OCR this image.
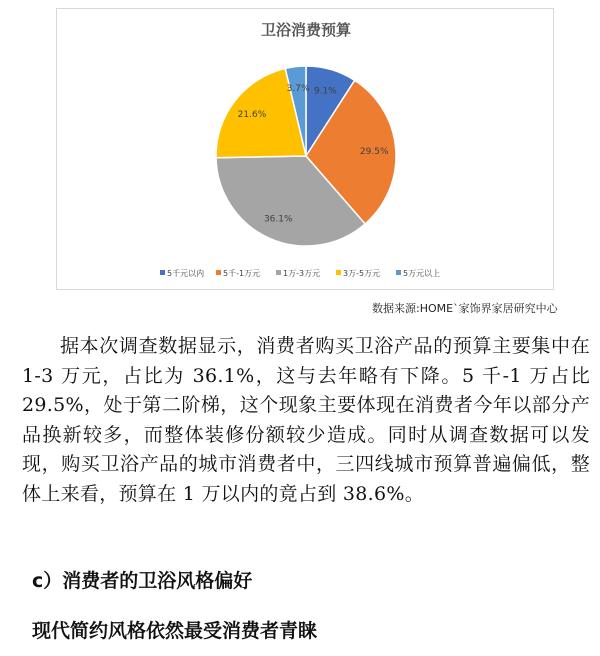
卫浴消费预算
9.1%
29.5%
36.1%
21.6%
3.7%
5千元以内 5千-1万元	1万-3万元	3万-5万元	5万元以上
数据来源:HOME`家饰界家居研究中心

据本次调查数据显示，消费者购买卫浴产品的预算主要集中在 1-3 万元，占比为 36.1%，这与去年略有下降。5 千-1 万占比 29.5%，处于第二阶梯，这个现象主要体现在消费者今年以部分产品换新较多，而整体装修份额较少造成。同时从调查数据可以发现，购买卫浴产品的城市消费者中，三四线城市预算普遍偏低，整体上来看，预算在 1 万以内的竟占到 38.6%。

c）消费者的卫浴风格偏好

现代简约风格依然最受消费者青睐
